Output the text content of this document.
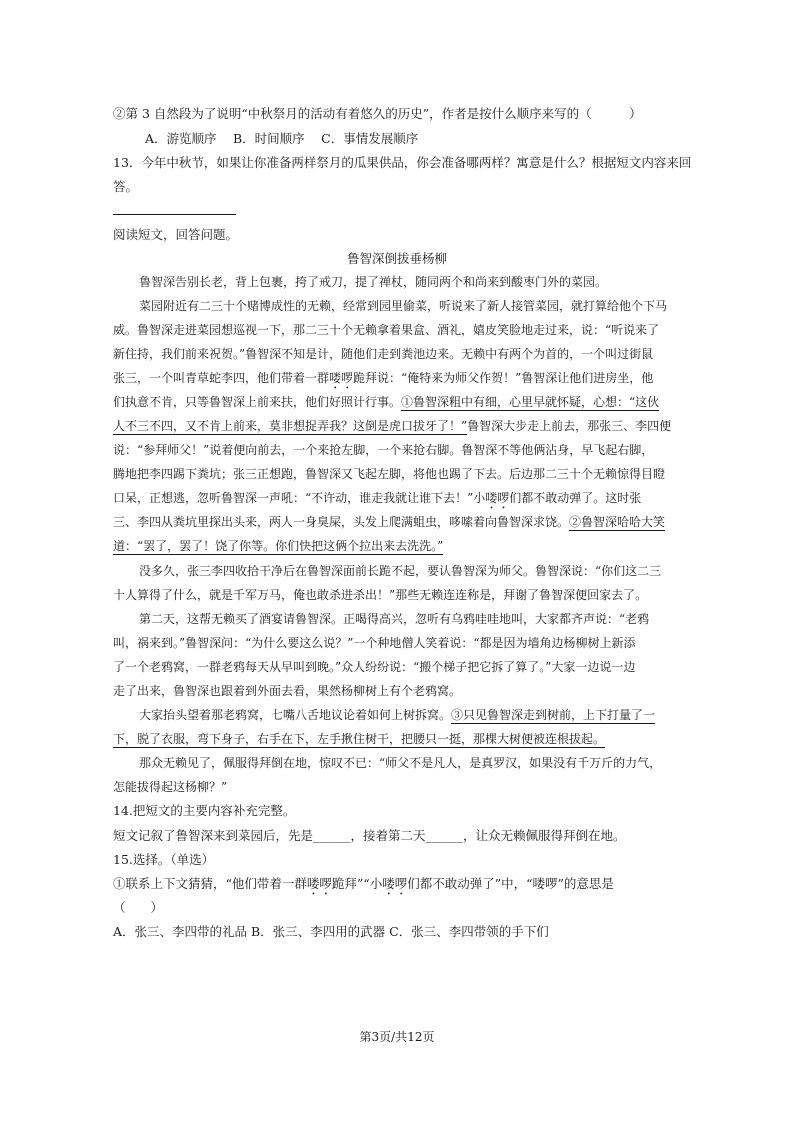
②第 3 自然段为了说明“中秋祭月的活动有着悠久的历史”，作者是按什么顺序来写的（　　　）
A．游览顺序　 B．时间顺序　 C．事情发展顺序
13．今年中秋节，如果让你准备两样祭月的瓜果供品，你会准备哪两样？寓意是什么？根据短文内容来回
答。
阅读短文，回答问题。
鲁智深倒拔垂杨柳
鲁智深告别长老，背上包裹，挎了戒刀，提了禅杖，随同两个和尚来到酸枣门外的菜园。
菜园附近有二三十个赌博成性的无赖，经常到园里偷菜，听说来了新人接管菜园，就打算给他个下马
威。鲁智深走进菜园想巡视一下，那二三十个无赖拿着果盒、酒礼，嬉皮笑脸地走过来，说：“听说来了
新住持，我们前来祝贺。”鲁智深不知是计，随他们走到粪池边来。无赖中有两个为首的，一个叫过街鼠
张三，一个叫青草蛇李四，他们带着一群喽啰跪拜说：“俺特来为师父作贺！”鲁智深让他们进房坐，他
们执意不肯，只等鲁智深上前来扶，他们好照计行事。①鲁智深粗中有细，心里早就怀疑，心想：“这伙
人不三不四，又不肯上前来，莫非想捉弄我？这倒是虎口拔牙了！”鲁智深大步走上前去，那张三、李四便
说：“参拜师父！”说着便向前去，一个来抢左脚，一个来抢右脚。鲁智深不等他俩沾身，早飞起右脚，
腾地把李四踢下粪坑；张三正想跑，鲁智深又飞起左脚，将他也踢了下去。后边那二三十个无赖惊得目瞪
口呆，正想逃，忽听鲁智深一声吼：“不许动，谁走我就让谁下去！”小喽啰们都不敢动弹了。这时张
三、李四从粪坑里探出头来，两人一身臭屎，头发上爬满蛆虫，哆嗦着向鲁智深求饶。②鲁智深哈哈大笑
道：“罢了，罢了！饶了你等。你们快把这俩个拉出来去洗洗。”
没多久，张三李四收拾干净后在鲁智深面前长跪不起，要认鲁智深为师父。鲁智深说：“你们这二三
十人算得了什么，就是千军万马，俺也敢杀进杀出！”那些无赖连连称是，拜谢了鲁智深便回家去了。
第二天，这帮无赖买了酒宴请鲁智深。正喝得高兴，忽听有乌鸦哇哇地叫，大家都齐声说：“老鸦
叫，祸来到。”鲁智深问：“为什么要这么说？”一个种地僧人笑着说：“都是因为墙角边杨柳树上新添
了一个老鸦窝，一群老鸦每天从早叫到晚。”众人纷纷说：“搬个梯子把它拆了算了。”大家一边说一边
走了出来，鲁智深也跟着到外面去看，果然杨柳树上有个老鸦窝。
大家抬头望着那老鸦窝，七嘴八舌地议论着如何上树拆窝。③只见鲁智深走到树前，上下打量了一
下，脱了衣服，弯下身子，右手在下，左手揪住树干，把腰只一挺，那棵大树便被连根拔起。
那众无赖见了，佩服得拜倒在地，惊叹不已：“师父不是凡人，是真罗汉，如果没有千万斤的力气，
怎能拔得起这杨柳？”
14.把短文的主要内容补充完整。
短文记叙了鲁智深来到菜园后，先是______，接着第二天______，让众无赖佩服得拜倒在地。
15.选择。（单选）
①联系上下文猜猜，“他们带着一群喽啰跪拜”“小喽啰们都不敢动弹了”中，“喽啰”的意思是
（　　）
A．张三、李四带的礼品 B．张三、李四用的武器 C．张三、李四带领的手下们
第3页/共12页
